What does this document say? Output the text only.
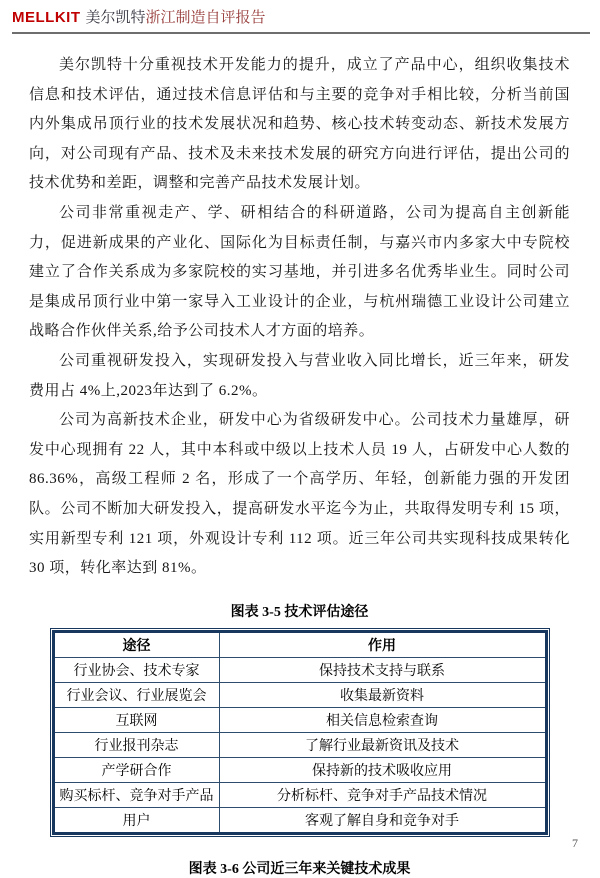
MELLKIT 美尔凯特浙江制造自评报告

美尔凯特十分重视技术开发能力的提升，成立了产品中心，组织收集技术信息和技术评估，通过技术信息评估和与主要的竞争对手相比较，分析当前国内外集成吊顶行业的技术发展状况和趋势、核心技术转变动态、新技术发展方向，对公司现有产品、技术及未来技术发展的研究方向进行评估，提出公司的技术优势和差距，调整和完善产品技术发展计划。

公司非常重视走产、学、研相结合的科研道路，公司为提高自主创新能力，促进新成果的产业化、国际化为目标责任制，与嘉兴市内多家大中专院校建立了合作关系成为多家院校的实习基地，并引进多名优秀毕业生。同时公司是集成吊顶行业中第一家导入工业设计的企业，与杭州瑞德工业设计公司建立战略合作伙伴关系,给予公司技术人才方面的培养。

公司重视研发投入，实现研发投入与营业收入同比增长，近三年来，研发费用占 4%上,2023年达到了 6.2%。

公司为高新技术企业，研发中心为省级研发中心。公司技术力量雄厚，研发中心现拥有 22 人，其中本科或中级以上技术人员 19 人，占研发中心人数的 86.36%，高级工程师 2 名，形成了一个高学历、年轻，创新能力强的开发团队。公司不断加大研发投入，提高研发水平迄今为止，共取得发明专利 15 项，实用新型专利 121 项，外观设计专利 112 项。近三年公司共实现科技成果转化 30 项，转化率达到 81%。

图表 3-5 技术评估途径
途径	作用
行业协会、技术专家	保持技术支持与联系
行业会议、行业展览会	收集最新资料
互联网	相关信息检索查询
行业报刊杂志	了解行业最新资讯及技术
产学研合作	保持新的技术吸收应用
购买标杆、竞争对手产品	分析标杆、竞争对手产品技术情况
用户	客观了解自身和竞争对手
图表 3-6 公司近三年来关键技术成果
7
